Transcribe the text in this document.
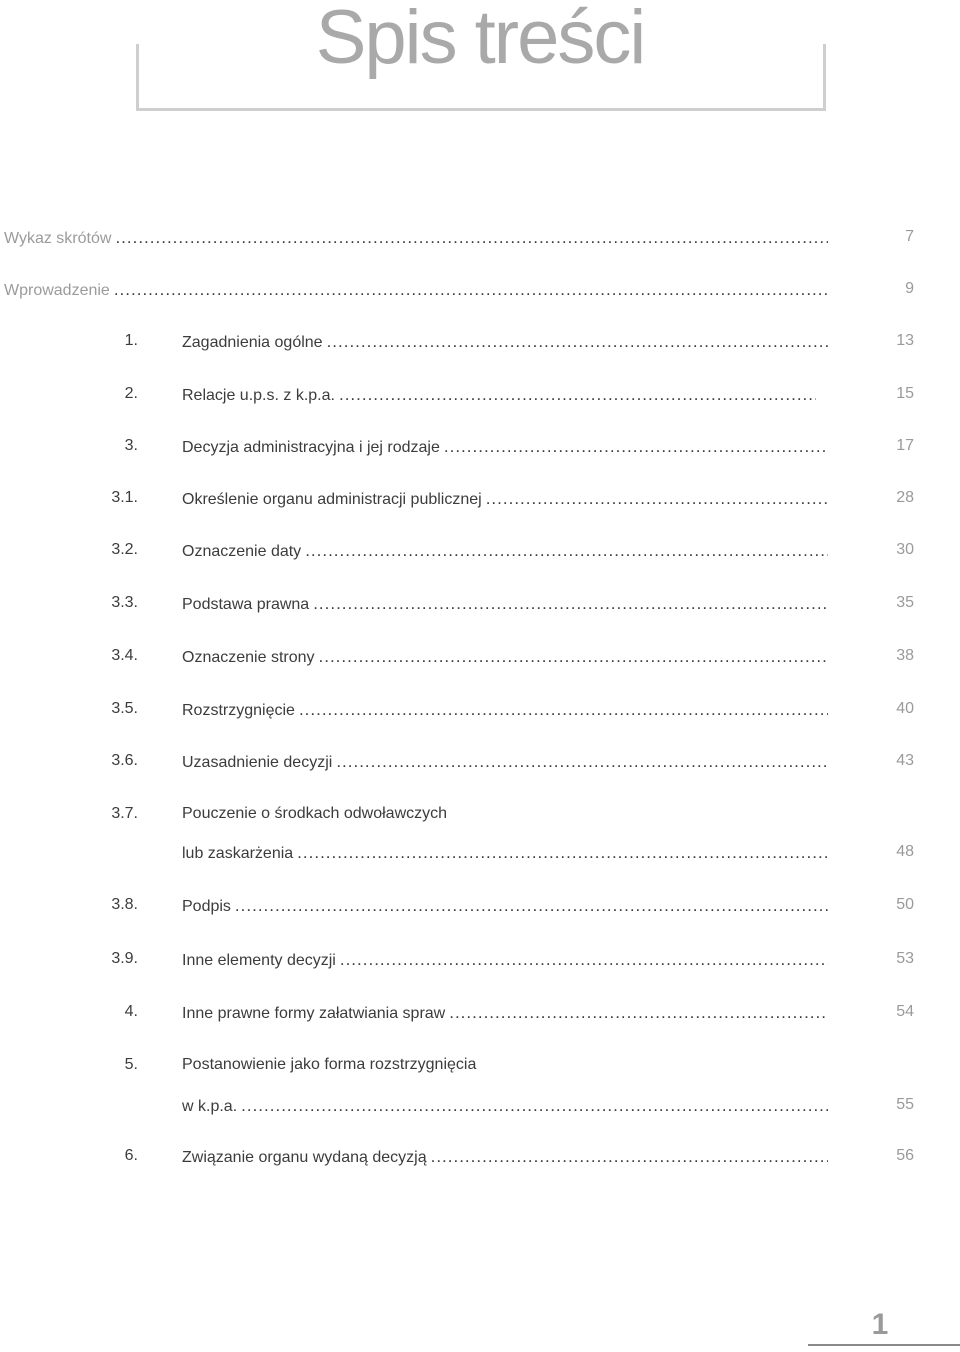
Spis treści
Wykaz skrótów .....	7
Wprowadzenie .....	9
1.	Zagadnienia ogólne .....	13
2.	Relacje u.p.s. z k.p.a. .....	15
3.	Decyzja administracyjna i jej rodzaje .....	17
3.1.	Określenie organu administracji publicznej .....	28
3.2.	Oznaczenie daty .....	30
3.3.	Podstawa prawna .....	35
3.4.	Oznaczenie strony .....	38
3.5.	Rozstrzygnięcie .....	40
3.6.	Uzasadnienie decyzji .....	43
3.7.	Pouczenie o środkach odwoławczych
lub zaskarżenia .....	48
3.8.	Podpis .....	50
3.9.	Inne elementy decyzji .....	53
4.	Inne prawne formy załatwiania spraw .....	54
5.	Postanowienie jako forma rozstrzygnięcia
w k.p.a. .....	55
6.	Związanie organu wydaną decyzją .....	56
1
